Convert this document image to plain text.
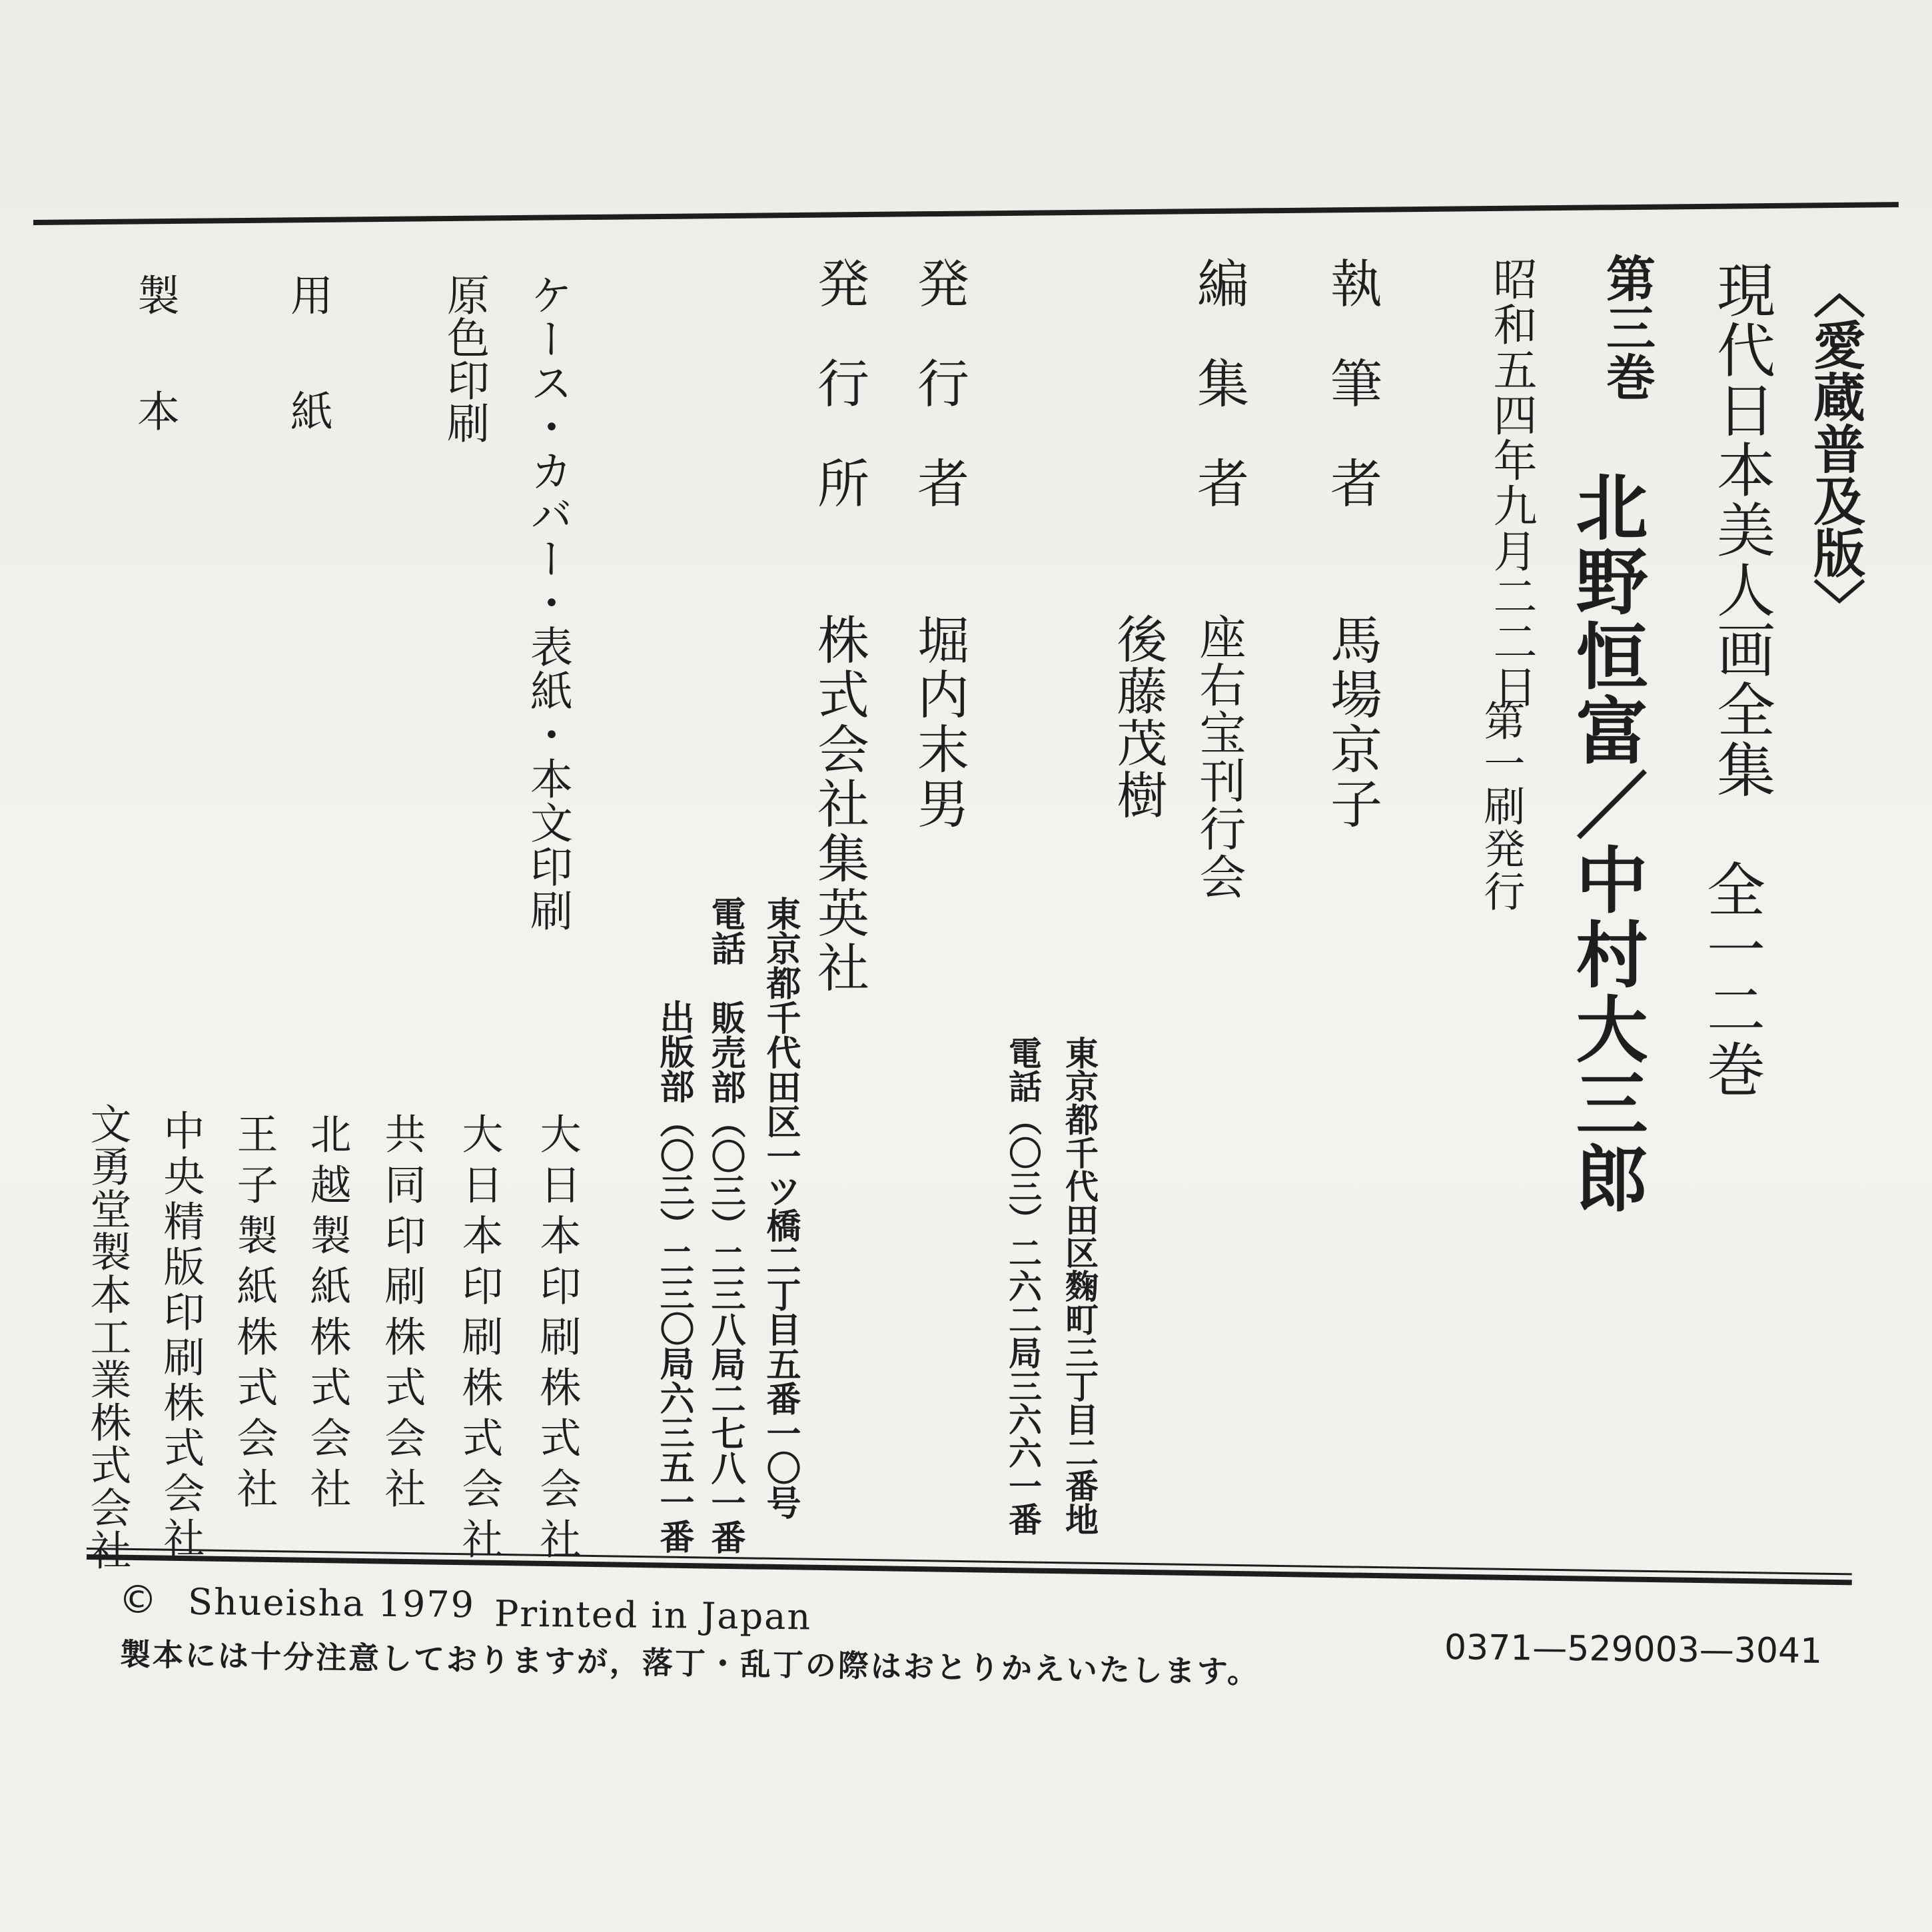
〈愛蔵普及版〉
現代日本美人画全集
全一二巻
第三巻
北野恒富／中村大三郎
昭和五四年九月二二日
第一刷発行
執筆者
馬場京子
編集者
座右宝刊行会
後藤茂樹
東京都千代田区麴町三丁目二番地
電話（〇三）二六二局三六六一番
発行者
堀内末男
発行所
株式会社集英社
東京都千代田区一ツ橋二丁目五番一〇号
電話　販売部（〇三）二三八局二七八一番
出版部（〇三）二三〇局六三五一番
ケース・カバー・表紙・本文印刷
原色印刷
用紙
製本
大日本印刷株式会社
大日本印刷株式会社
共同印刷株式会社
北越製紙株式会社
王子製紙株式会社
中央精版印刷株式会社
文勇堂製本工業株式会社
© Shueisha 1979 Printed in Japan
0371—529003—3041
製本には十分注意しておりますが，落丁・乱丁の際はおとりかえいたします。
